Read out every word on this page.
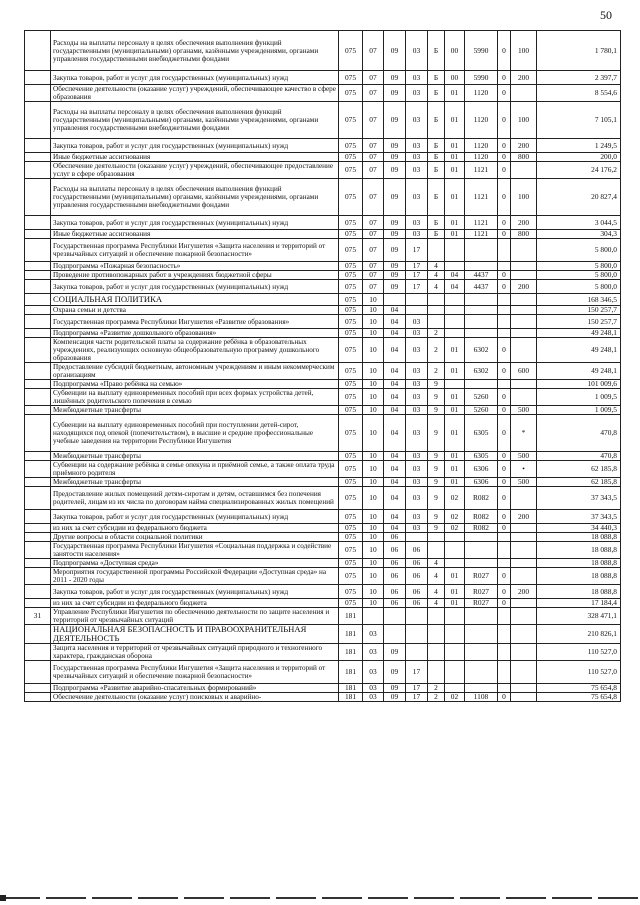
50
	Расходы на выплаты персоналу в целях обеспечения выполнения функций государственными (муниципальными) органами, казёнными учреждениями, органами управления государственными внебюджетными фондами	075	07	09	03	Б	00	5990	0	100	1 780,1
	Закупка товаров, работ и услуг для государственных (муниципальных) нужд	075	07	09	03	Б	00	5990	0	200	2 397,7
	Обеспечение деятельности (оказание услуг) учреждений, обеспечивающее качество в сфере образования	075	07	09	03	Б	01	1120	0		8 554,6
	Расходы на выплаты персоналу в целях обеспечения выполнения функций государственными (муниципальными) органами, казёнными учреждениями, органами управления государственными внебюджетными фондами	075	07	09	03	Б	01	1120	0	100	7 105,1
	Закупка товаров, работ и услуг для государственных (муниципальных) нужд	075	07	09	03	Б	01	1120	0	200	1 249,5
	Иные бюджетные ассигнования	075	07	09	03	Б	01	1120	0	800	200,0
	Обеспечение деятельности (оказание услуг) учреждений, обеспечивающее предоставление услуг в сфере образования	075	07	09	03	Б	01	1121	0		24 176,2
	Расходы на выплаты персоналу в целях обеспечения выполнения функций государственными (муниципальными) органами, казёнными учреждениями, органами управления государственными внебюджетными фондами	075	07	09	03	Б	01	1121	0	100	20 827,4
	Закупка товаров, работ и услуг для государственных (муниципальных) нужд	075	07	09	03	Б	01	1121	0	200	3 044,5
	Иные бюджетные ассигнования	075	07	09	03	Б	01	1121	0	800	304,3
	Государственная программа Республики Ингушетия «Защита населения и территорий от чрезвычайных ситуаций и обеспечение пожарной безопасности»	075	07	09	17						5 800,0
	Подпрограмма «Пожарная безопасность»	075	07	09	17	4					5 800,0
	Проведение противопожарных работ в учреждениях бюджетной сферы	075	07	09	17	4	04	4437	0		5 800,0
	Закупка товаров, работ и услуг для государственных (муниципальных) нужд	075	07	09	17	4	04	4437	0	200	5 800,0
	СОЦИАЛЬНАЯ ПОЛИТИКА	075	10								168 346,5
	Охрана семьи и детства	075	10	04							150 257,7
	Государственная программа Республики Ингушетия «Развитие образования»	075	10	04	03						150 257,7
	Подпрограмма «Развитие дошкольного образования»	075	10	04	03	2					49 248,1
	Компенсация части родительской платы за содержание ребёнка в образовательных учреждениях, реализующих основную общеобразовательную программу дошкольного образования	075	10	04	03	2	01	6302	0		49 248,1
	Предоставление субсидий бюджетным, автономным учреждениям и иным некоммерческим организациям	075	10	04	03	2	01	6302	0	600	49 248,1
	Подпрограмма «Право ребёнка на семью»	075	10	04	03	9					101 009,6
	Субвенции на выплату единовременных пособий при всех формах устройства детей, лишённых родительского попечения в семью	075	10	04	03	9	01	5260	0		1 009,5
	Межбюджетные трансферты	075	10	04	03	9	01	5260	0	500	1 009,5
	Субвенции на выплату единовременных пособий при поступлении детей-сирот, находящихся под опекой (попечительством), в высшие и средние профессиональные учебные заведения на территории Республики Ингушетия	075	10	04	03	9	01	6305	0	*	470,8
	Межбюджетные трансферты	075	10	04	03	9	01	6305	0	500	470,8
	Субвенции на содержание ребёнка в семье опекуна и приёмной семье, а также оплата труда приёмного родителя	075	10	04	03	9	01	6306	0	•	62 185,8
	Межбюджетные трансферты	075	10	04	03	9	01	6306	0	500	62 185,8
	Предоставление жилых помещений детям-сиротам и детям, оставшимся без попечения родителей, лицам из их числа по договорам найма специализированных жилых помещений	075	10	04	03	9	02	R082	0		37 343,5
	Закупка товаров, работ и услуг для государственных (муниципальных) нужд	075	10	04	03	9	02	R082	0	200	37 343,5
	из них за счет субсидии из федерального бюджета	075	10	04	03	9	02	R082	0		34 440,3
	Другие вопросы в области социальной политики	075	10	06							18 088,8
	Государственная программа Республики Ингушетия «Социальная поддержка и содействие занятости населения»	075	10	06	06						18 088,8
	Подпрограмма «Доступная среда»	075	10	06	06	4					18 088,8
	Мероприятия государственной программы Российской Федерации «Доступная среда» на 2011 - 2020 годы	075	10	06	06	4	01	R027	0		18 088,8
	Закупка товаров, работ и услуг для государственных (муниципальных) нужд	075	10	06	06	4	01	R027	0	200	18 088,8
	из них за счет субсидии из федерального бюджета	075	10	06	06	4	01	R027	0		17 184,4
31	Управление Республики Ингушетия по обеспечению деятельности по защите населения и территорий от чрезвычайных ситуаций	181									328 471,1
	НАЦИОНАЛЬНАЯ БЕЗОПАСНОСТЬ И ПРАВООХРАНИТЕЛЬНАЯ ДЕЯТЕЛЬНОСТЬ	181	03								210 826,1
	Защита населения и территорий от чрезвычайных ситуаций природного и техногенного характера, гражданская оборона	181	03	09							110 527,0
	Государственная программа Республики Ингушетия «Защита населения и территорий от чрезвычайных ситуаций и обеспечение пожарной безопасности»	181	03	09	17						110 527,0
	Подпрограмма «Развитие аварийно-спасательных формирований»	181	03	09	17	2					75 654,8
	Обеспечение деятельности (оказание услуг) поисковых и аварийно-	181	03	09	17	2	02	1108	0		75 654,8
